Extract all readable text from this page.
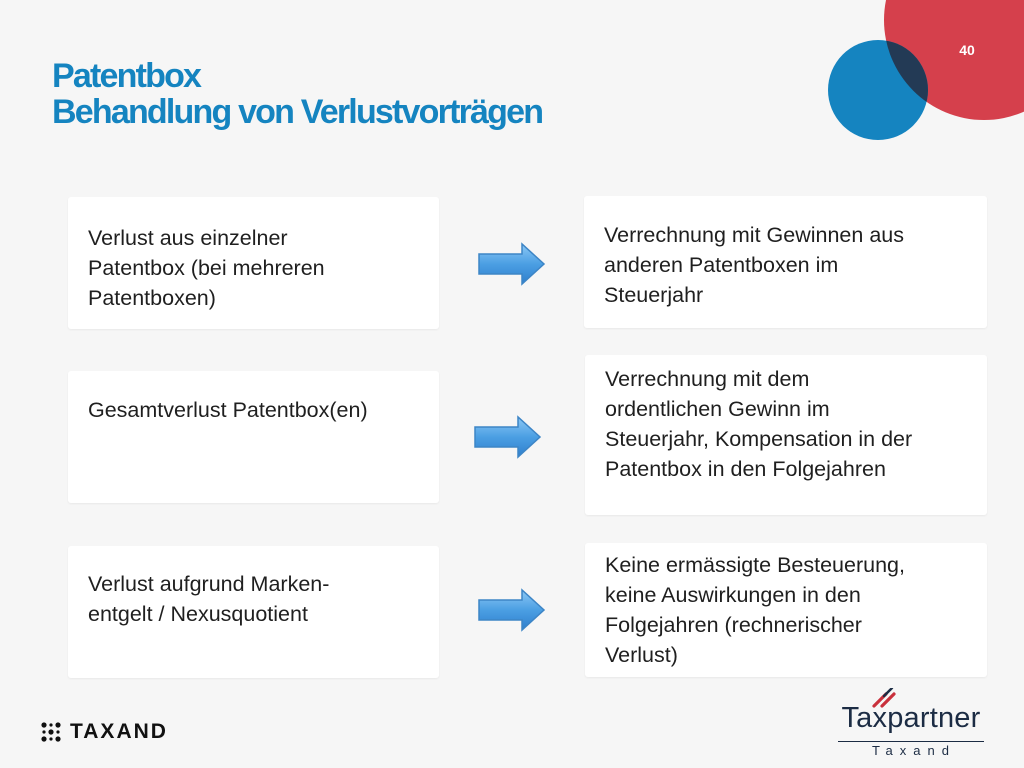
40
Patentbox
Behandlung von Verlustvorträgen
Verlust aus einzelner
Patentbox (bei mehreren
Patentboxen)
Verrechnung mit Gewinnen aus
anderen Patentboxen im
Steuerjahr
Gesamtverlust Patentbox(en)
Verrechnung mit dem
ordentlichen Gewinn im
Steuerjahr, Kompensation in der
Patentbox in den Folgejahren
Verlust aufgrund Marken-
entgelt / Nexusquotient
Keine ermässigte Besteuerung,
keine Auswirkungen in den
Folgejahren (rechnerischer
Verlust)
TAXAND	Taxpartner
Taxand
